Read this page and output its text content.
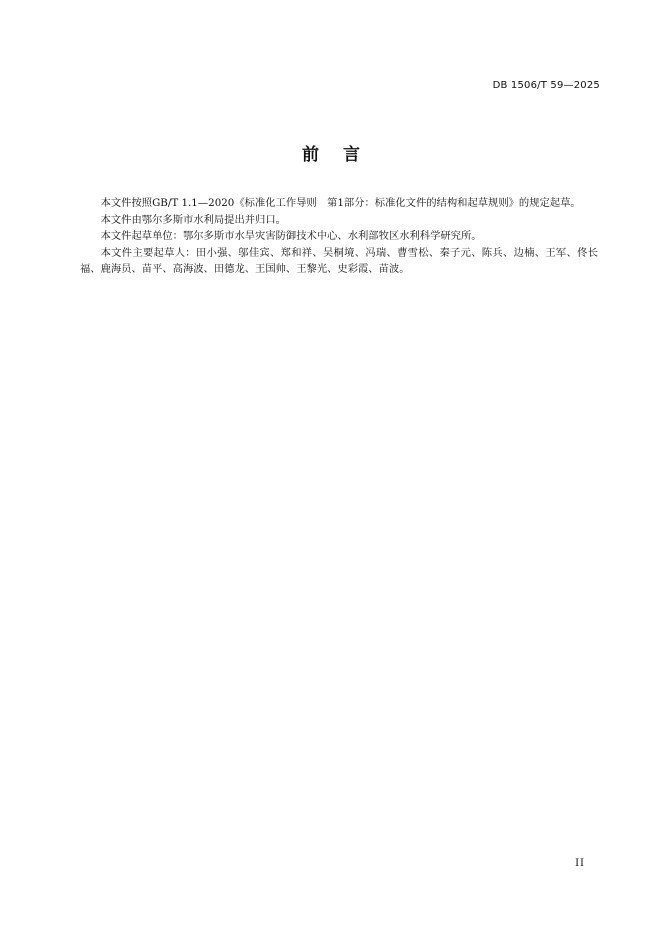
DB 1506/T 59—2025
前言

本文件按照GB/T 1.1—2020《标准化工作导则　第1部分：标准化文件的结构和起草规则》的规定起草。

本文件由鄂尔多斯市水利局提出并归口。

本文件起草单位：鄂尔多斯市水旱灾害防御技术中心、水利部牧区水利科学研究所。

本文件主要起草人：田小强、邬佳宾、郑和祥、吴桐境、冯瑞、曹雪松、秦子元、陈兵、边楠、王军、佟长福、鹿海员、苗平、高海波、田德龙、王国帅、王黎光、史彩霞、苗波。

II
